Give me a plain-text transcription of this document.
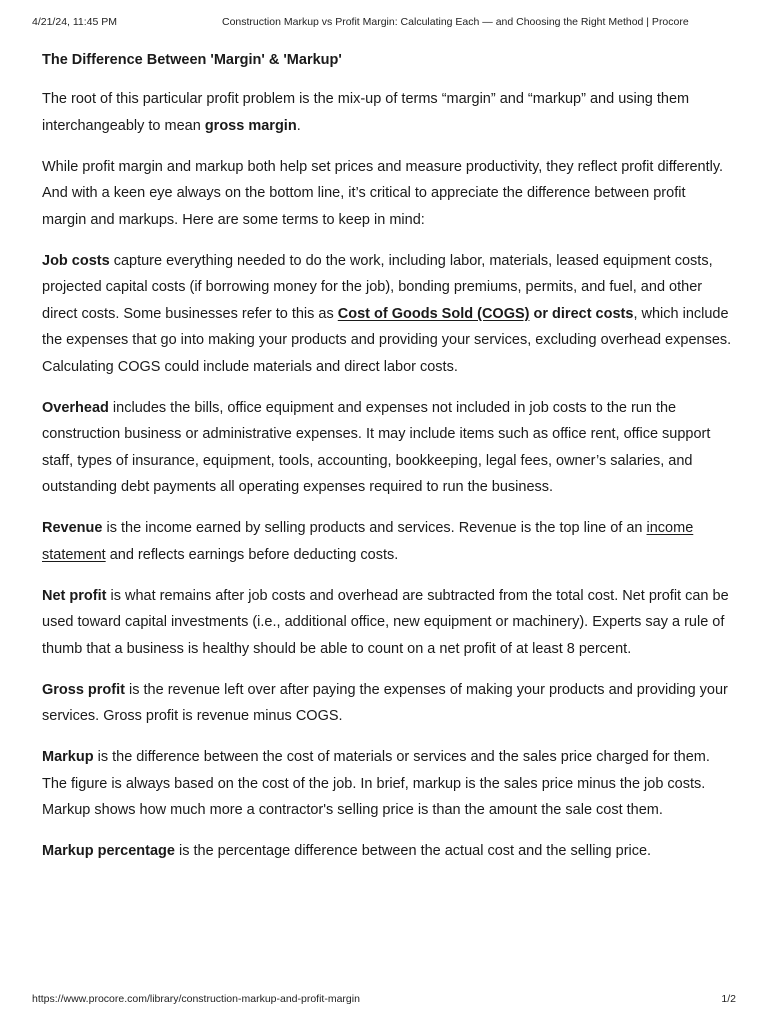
4/21/24, 11:45 PM	Construction Markup vs Profit Margin: Calculating Each — and Choosing the Right Method | Procore
The Difference Between 'Margin' & 'Markup'

The root of this particular profit problem is the mix-up of terms “margin” and “markup” and using them interchangeably to mean gross margin.

While profit margin and markup both help set prices and measure productivity, they reflect profit differently. And with a keen eye always on the bottom line, it’s critical to appreciate the difference between profit margin and markups. Here are some terms to keep in mind:

Job costs capture everything needed to do the work, including labor, materials, leased equipment costs, projected capital costs (if borrowing money for the job), bonding premiums, permits, and fuel, and other direct costs. Some businesses refer to this as Cost of Goods Sold (COGS) or direct costs, which include the expenses that go into making your products and providing your services, excluding overhead expenses. Calculating COGS could include materials and direct labor costs.

Overhead includes the bills, office equipment and expenses not included in job costs to the run the construction business or administrative expenses. It may include items such as office rent, office support staff, types of insurance, equipment, tools, accounting, bookkeeping, legal fees, owner’s salaries, and outstanding debt payments all operating expenses required to run the business.

Revenue is the income earned by selling products and services. Revenue is the top line of an income statement and reflects earnings before deducting costs.

Net profit is what remains after job costs and overhead are subtracted from the total cost. Net profit can be used toward capital investments (i.e., additional office, new equipment or machinery). Experts say a rule of thumb that a business is healthy should be able to count on a net profit of at least 8 percent.

Gross profit is the revenue left over after paying the expenses of making your products and providing your services. Gross profit is revenue minus COGS.

Markup is the difference between the cost of materials or services and the sales price charged for them. The figure is always based on the cost of the job. In brief, markup is the sales price minus the job costs. Markup shows how much more a contractor's selling price is than the amount the sale cost them.

Markup percentage is the percentage difference between the actual cost and the selling price.

https://www.procore.com/library/construction-markup-and-profit-margin	1/2
